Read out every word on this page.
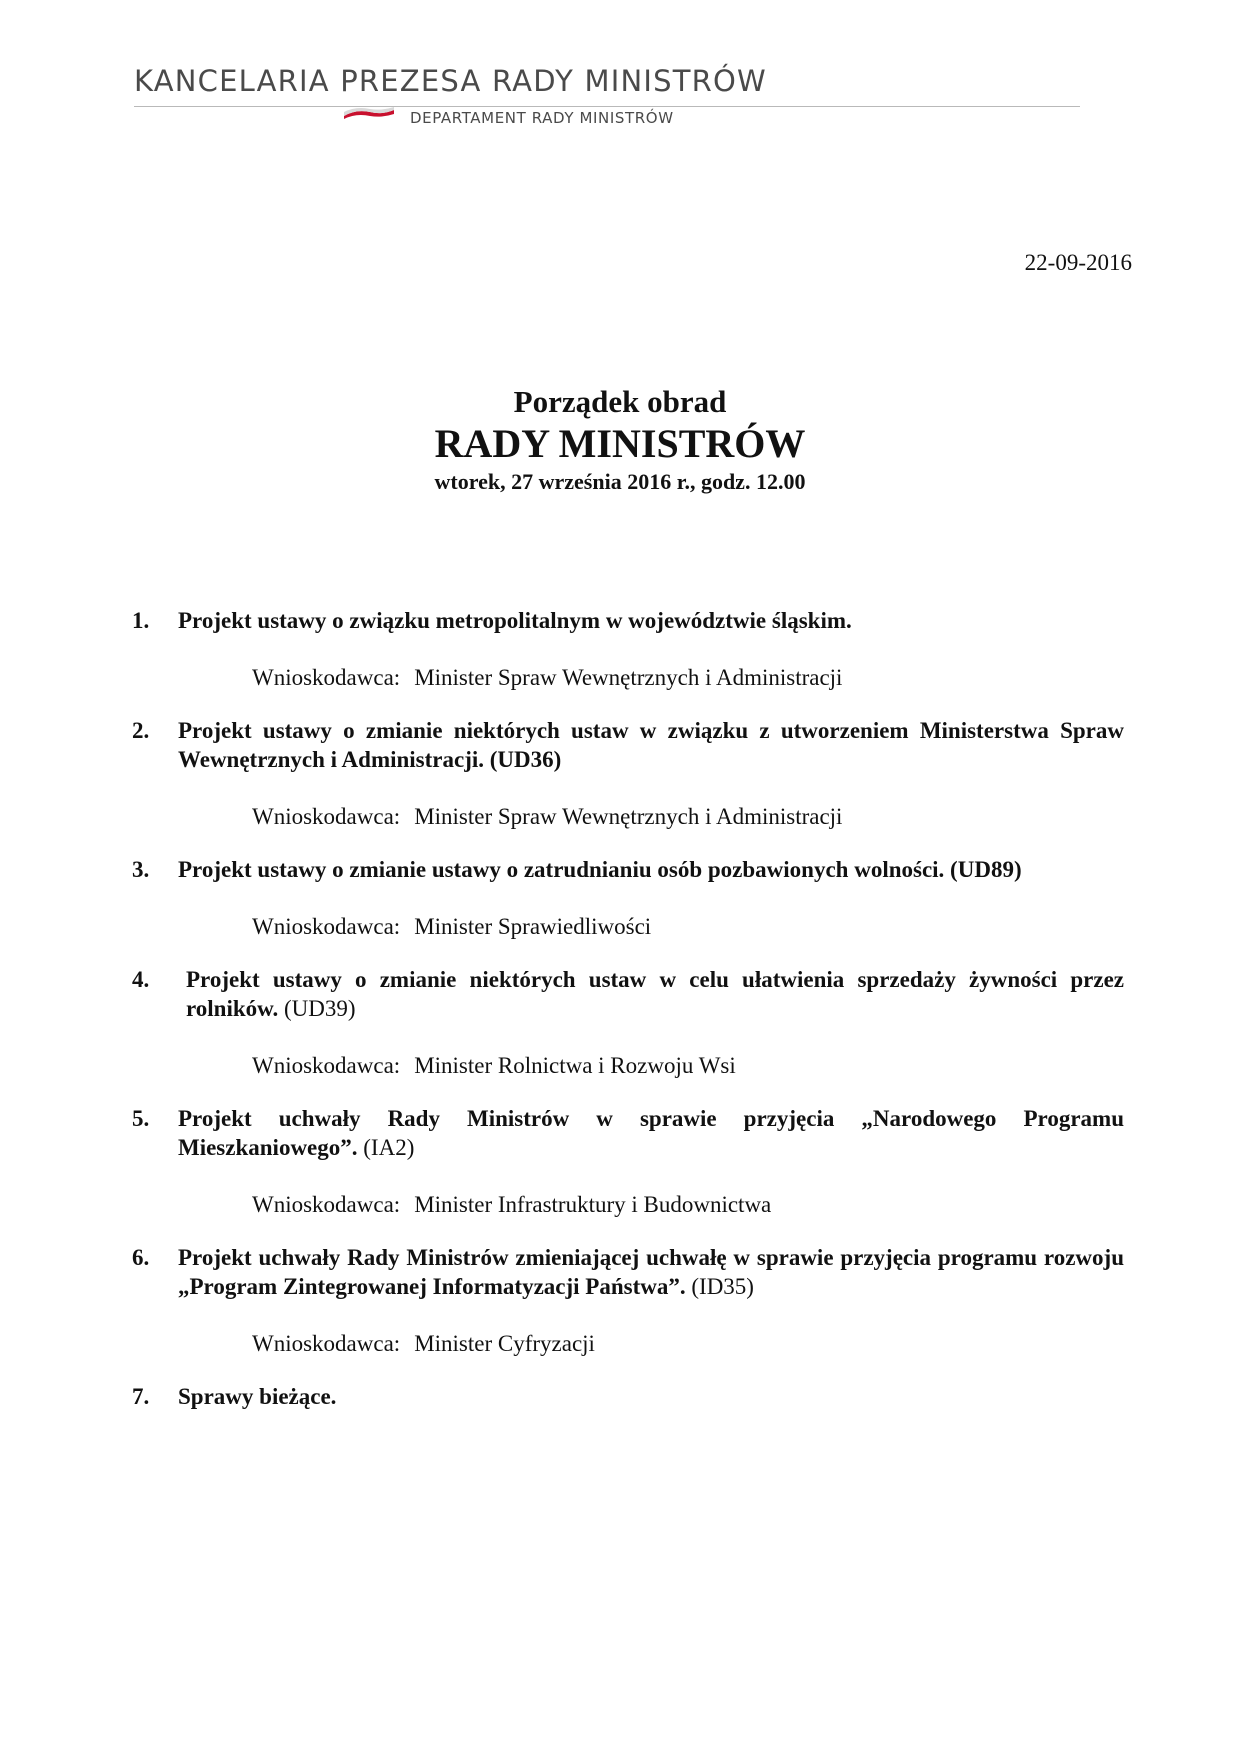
KANCELARIA PREZESA RADY MINISTRÓW
DEPARTAMENT RADY MINISTRÓW
22-09-2016
Porządek obrad
RADY MINISTRÓW
wtorek, 27 września 2016 r., godz. 12.00
1. Projekt ustawy o związku metropolitalnym w województwie śląskim.
Wnioskodawca: Minister Spraw Wewnętrznych i Administracji
2. Projekt ustawy o zmianie niektórych ustaw w związku z utworzeniem Ministerstwa Spraw Wewnętrznych i Administracji. (UD36)
Wnioskodawca: Minister Spraw Wewnętrznych i Administracji
3. Projekt ustawy o zmianie ustawy o zatrudnianiu osób pozbawionych wolności. (UD89)
Wnioskodawca: Minister Sprawiedliwości
4. Projekt ustawy o zmianie niektórych ustaw w celu ułatwienia sprzedaży żywności przez rolników. (UD39)
Wnioskodawca: Minister Rolnictwa i Rozwoju Wsi
5. Projekt uchwały Rady Ministrów w sprawie przyjęcia „Narodowego Programu Mieszkaniowego”. (IA2)
Wnioskodawca: Minister Infrastruktury i Budownictwa
6. Projekt uchwały Rady Ministrów zmieniającej uchwałę w sprawie przyjęcia programu rozwoju „Program Zintegrowanej Informatyzacji Państwa”. (ID35)
Wnioskodawca: Minister Cyfryzacji
7. Sprawy bieżące.
